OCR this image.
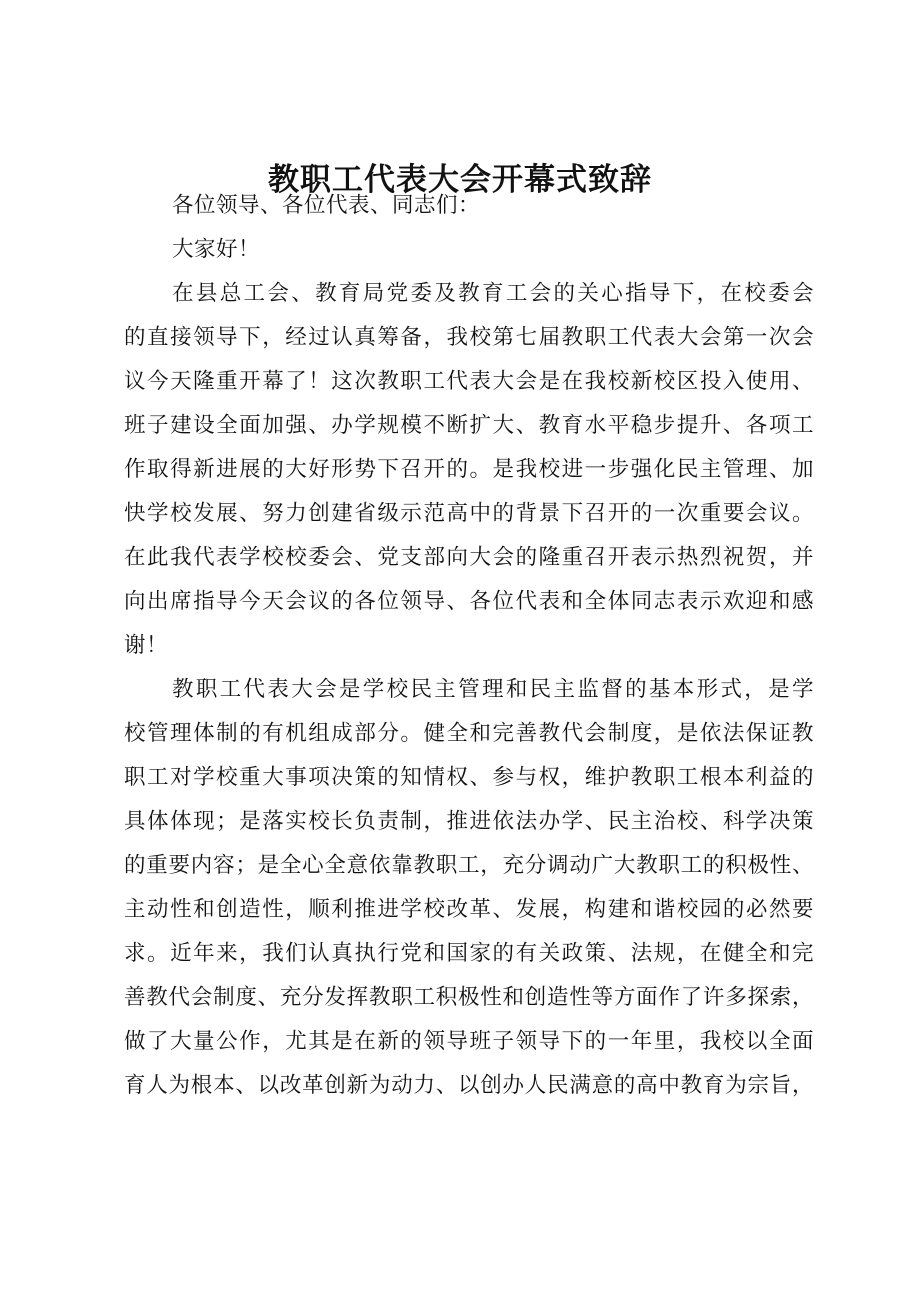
教职工代表大会开幕式致辞
各位领导、各位代表、同志们：
大家好！
在县总工会、教育局党委及教育工会的关心指导下，在校委会
的直接领导下，经过认真筹备，我校第七届教职工代表大会第一次会
议今天隆重开幕了！这次教职工代表大会是在我校新校区投入使用、
班子建设全面加强、办学规模不断扩大、教育水平稳步提升、各项工
作取得新进展的大好形势下召开的。是我校进一步强化民主管理、加
快学校发展、努力创建省级示范高中的背景下召开的一次重要会议。
在此我代表学校校委会、党支部向大会的隆重召开表示热烈祝贺，并
向出席指导今天会议的各位领导、各位代表和全体同志表示欢迎和感
谢！
教职工代表大会是学校民主管理和民主监督的基本形式，是学
校管理体制的有机组成部分。健全和完善教代会制度，是依法保证教
职工对学校重大事项决策的知情权、参与权，维护教职工根本利益的
具体体现；是落实校长负责制，推进依法办学、民主治校、科学决策
的重要内容；是全心全意依靠教职工，充分调动广大教职工的积极性、
主动性和创造性，顺利推进学校改革、发展，构建和谐校园的必然要
求。近年来，我们认真执行党和国家的有关政策、法规，在健全和完
善教代会制度、充分发挥教职工积极性和创造性等方面作了许多探索，
做了大量公作，尤其是在新的领导班子领导下的一年里，我校以全面
育人为根本、以改革创新为动力、以创办人民满意的高中教育为宗旨，
